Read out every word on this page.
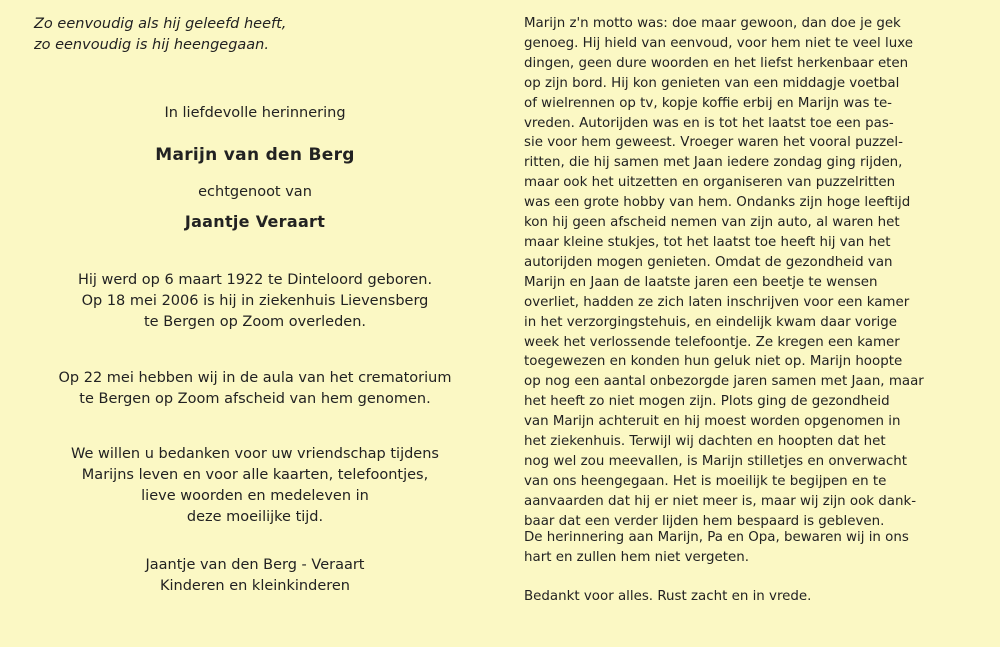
Zo eenvoudig als hij geleefd heeft,
zo eenvoudig is hij heengegaan.
In liefdevolle herinnering
Marijn van den Berg
echtgenoot van
Jaantje Veraart
Hij werd op 6 maart 1922 te Dinteloord geboren.
Op 18 mei 2006 is hij in ziekenhuis Lievensberg
te Bergen op Zoom overleden.
Op 22 mei hebben wij in de aula van het crematorium
te Bergen op Zoom afscheid van hem genomen.
We willen u bedanken voor uw vriendschap tijdens
Marijns leven en voor alle kaarten, telefoontjes,
lieve woorden en medeleven in
deze moeilijke tijd.
Jaantje van den Berg - Veraart
Kinderen en kleinkinderen
Marijn z'n motto was: doe maar gewoon, dan doe je gek
genoeg. Hij hield van eenvoud, voor hem niet te veel luxe
dingen, geen dure woorden en het liefst herkenbaar eten
op zijn bord. Hij kon genieten van een middagje voetbal
of wielrennen op tv, kopje koffie erbij en Marijn was te-
vreden. Autorijden was en is tot het laatst toe een pas-
sie voor hem geweest. Vroeger waren het vooral puzzel-
ritten, die hij samen met Jaan iedere zondag ging rijden,
maar ook het uitzetten en organiseren van puzzelritten
was een grote hobby van hem. Ondanks zijn hoge leeftijd
kon hij geen afscheid nemen van zijn auto, al waren het
maar kleine stukjes, tot het laatst toe heeft hij van het
autorijden mogen genieten. Omdat de gezondheid van
Marijn en Jaan de laatste jaren een beetje te wensen
overliet, hadden ze zich laten inschrijven voor een kamer
in het verzorgingstehuis, en eindelijk kwam daar vorige
week het verlossende telefoontje. Ze kregen een kamer
toegewezen en konden hun geluk niet op. Marijn hoopte
op nog een aantal onbezorgde jaren samen met Jaan, maar
het heeft zo niet mogen zijn. Plots ging de gezondheid
van Marijn achteruit en hij moest worden opgenomen in
het ziekenhuis. Terwijl wij dachten en hoopten dat het
nog wel zou meevallen, is Marijn stilletjes en onverwacht
van ons heengegaan. Het is moeilijk te begijpen en te
aanvaarden dat hij er niet meer is, maar wij zijn ook dank-
baar dat een verder lijden hem bespaard is gebleven.
De herinnering aan Marijn, Pa en Opa, bewaren wij in ons
hart en zullen hem niet vergeten.
Bedankt voor alles. Rust zacht en in vrede.
